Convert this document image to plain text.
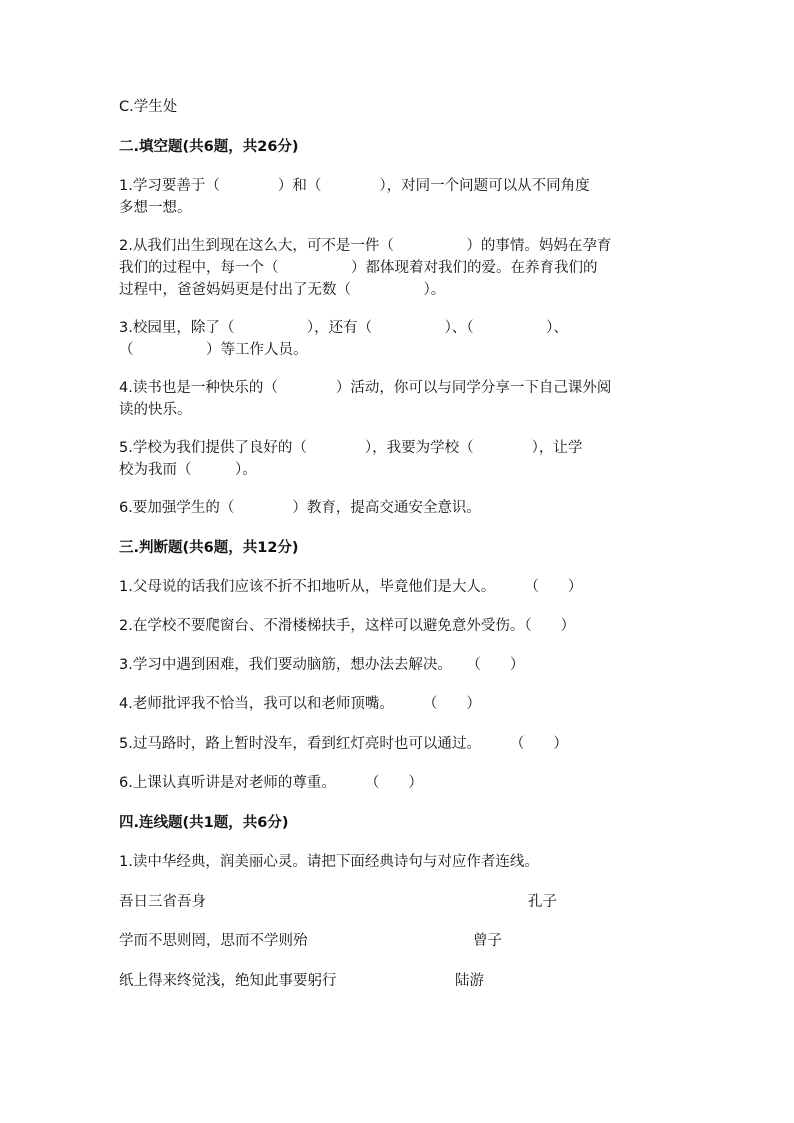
C.学生处

二.填空题(共6题，共26分)

1.学习要善于（　　　　）和（　　　　），对同一个问题可以从不同角度

多想一想。

2.从我们出生到现在这么大，可不是一件（　　　　　）的事情。妈妈在孕育

我们的过程中，每一个（　　　　　）都体现着对我们的爱。在养育我们的

过程中，爸爸妈妈更是付出了无数（　　　　　）。

3.校园里，除了（　　　　　），还有（　　　　　）、（　　　　　）、

（　　　　　）等工作人员。

4.读书也是一种快乐的（　　　　）活动，你可以与同学分享一下自己课外阅

读的快乐。

5.学校为我们提供了良好的（　　　　），我要为学校（　　　　），让学

校为我而（　　　）。

6.要加强学生的（　　　　）教育，提高交通安全意识。

三.判断题(共6题，共12分)

1.父母说的话我们应该不折不扣地听从，毕竟他们是大人。　　　（　　）

2.在学校不要爬窗台、不滑楼梯扶手，这样可以避免意外受伤。（　　）

3.学习中遇到困难，我们要动脑筋，想办法去解决。　　（　　）

4.老师批评我不恰当，我可以和老师顶嘴。　　　（　　）

5.过马路时，路上暂时没车，看到红灯亮时也可以通过。　　　（　　）

6.上课认真听讲是对老师的尊重。　　　（　　）

四.连线题(共1题，共6分)

1.读中华经典，润美丽心灵。请把下面经典诗句与对应作者连线。

吾日三省吾身	孔子
学而不思则罔，思而不学则殆	曾子
纸上得来终觉浅，绝知此事要躬行	陆游
